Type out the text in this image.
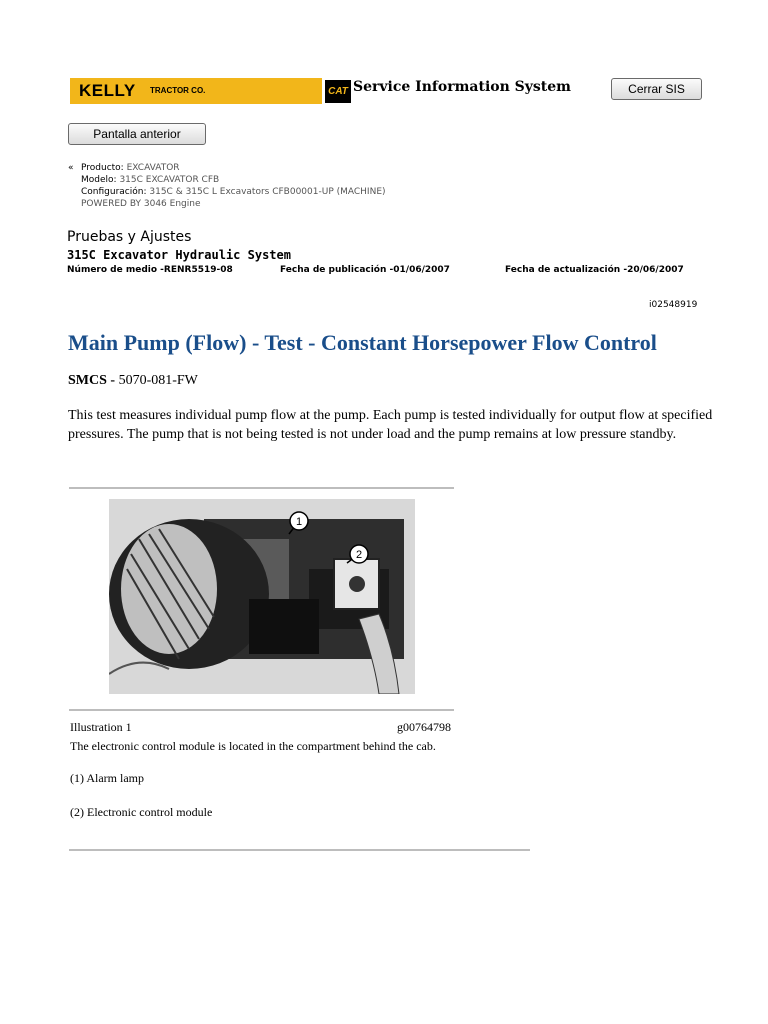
KELLY TRACTOR CO.	CAT Service Information System	Cerrar SIS
Pantalla anterior
« Producto: EXCAVATOR
Modelo: 315C EXCAVATOR CFB
Configuración: 315C & 315C L Excavators CFB00001-UP (MACHINE)
POWERED BY 3046 Engine
Pruebas y Ajustes
315C Excavator Hydraulic System
Número de medio -RENR5519-08	Fecha de publicación -01/06/2007	Fecha de actualización -20/06/2007
i02548919
Main Pump (Flow) - Test - Constant Horsepower Flow Control
SMCS - 5070-081-FW
This test measures individual pump flow at the pump. Each pump is tested individually for output flow at specified pressures. The pump that is not being tested is not under load and the pump remains at low pressure standby.
1
2
Illustration 1	g00764798
The electronic control module is located in the compartment behind the cab.
(1) Alarm lamp
(2) Electronic control module
